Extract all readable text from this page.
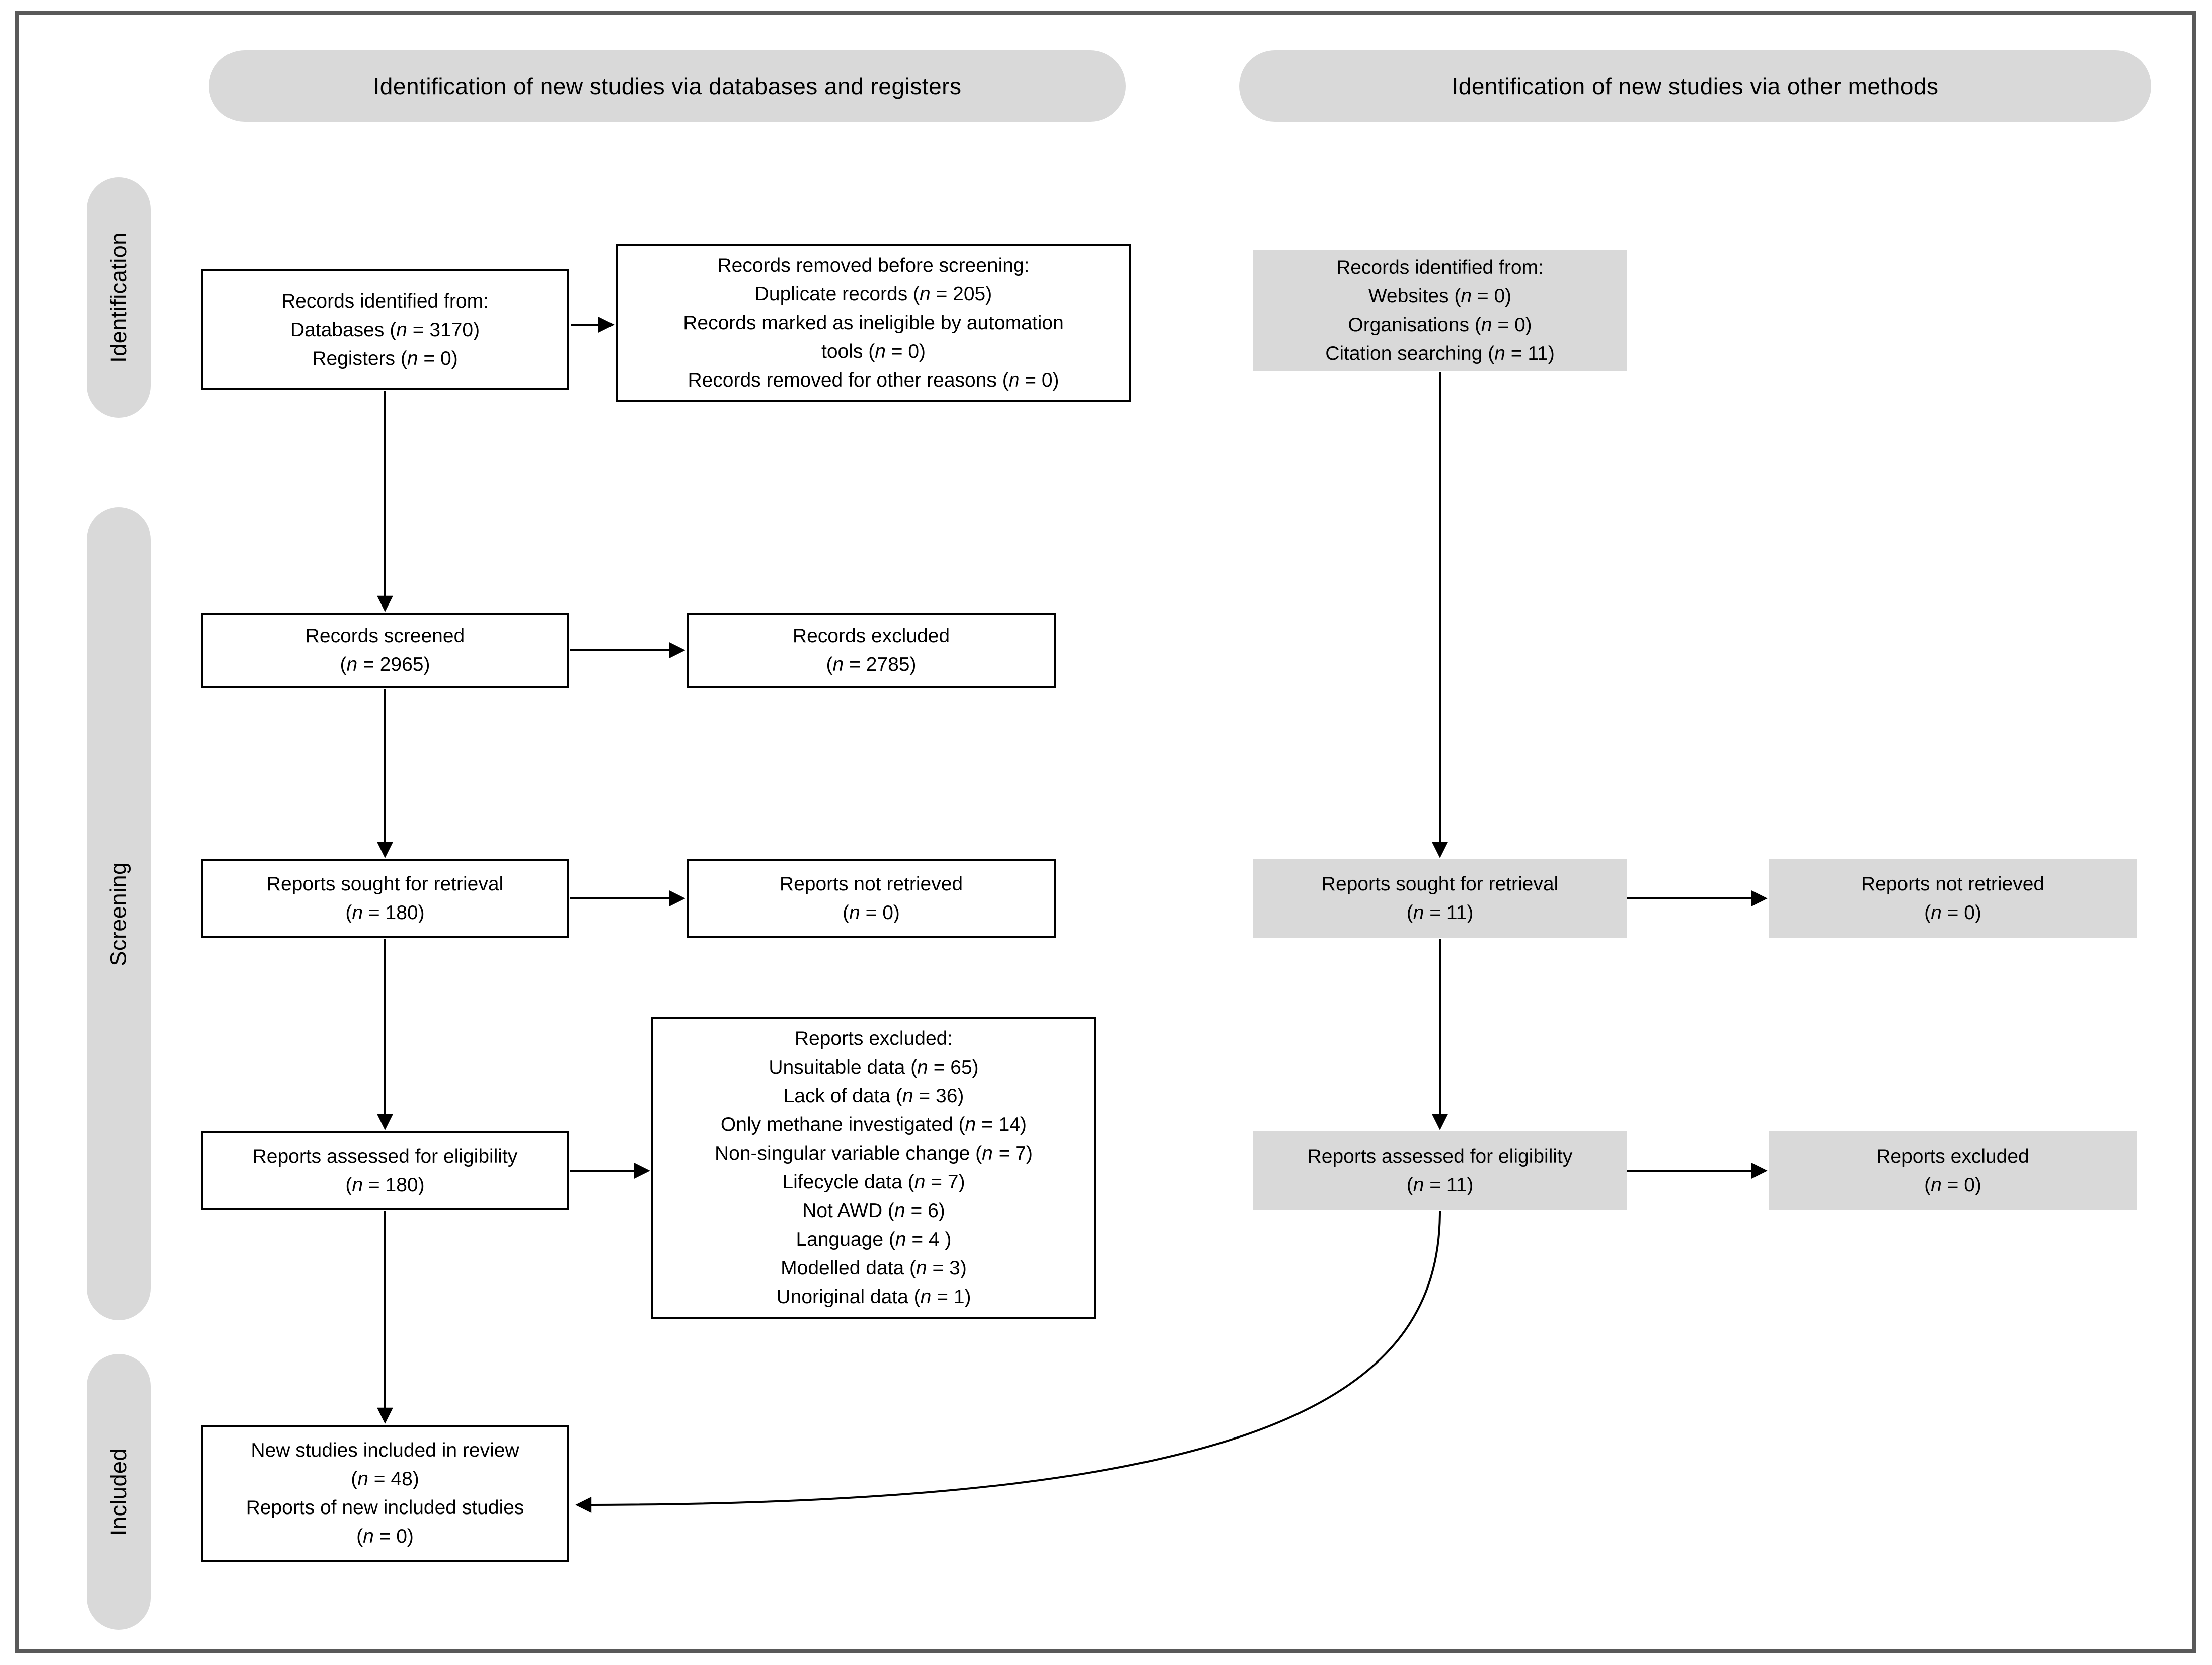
Identification of new studies via databases and registers	Identification of new studies via other methods
Identification
Screening
Included
Records identified from:
Databases (n = 3170)
Registers (n = 0)
Records removed before screening:
Duplicate records (n = 205)
Records marked as ineligible by automation
tools (n = 0)
Records removed for other reasons (n = 0)
Records screened
(n = 2965)
Records excluded
(n = 2785)
Reports sought for retrieval
(n = 180)
Reports not retrieved
(n = 0)
Reports assessed for eligibility
(n = 180)
Reports excluded:
Unsuitable data (n = 65)
Lack of data (n = 36)
Only methane investigated (n = 14)
Non-singular variable change (n = 7)
Lifecycle data (n = 7)
Not AWD (n = 6)
Language (n = 4 )
Modelled data (n = 3)
Unoriginal data (n = 1)
New studies included in review
(n = 48)
Reports of new included studies
(n = 0)
Records identified from:
Websites (n = 0)
Organisations (n = 0)
Citation searching (n = 11)
Reports sought for retrieval
(n = 11)
Reports not retrieved
(n = 0)
Reports assessed for eligibility
(n = 11)
Reports excluded
(n = 0)
